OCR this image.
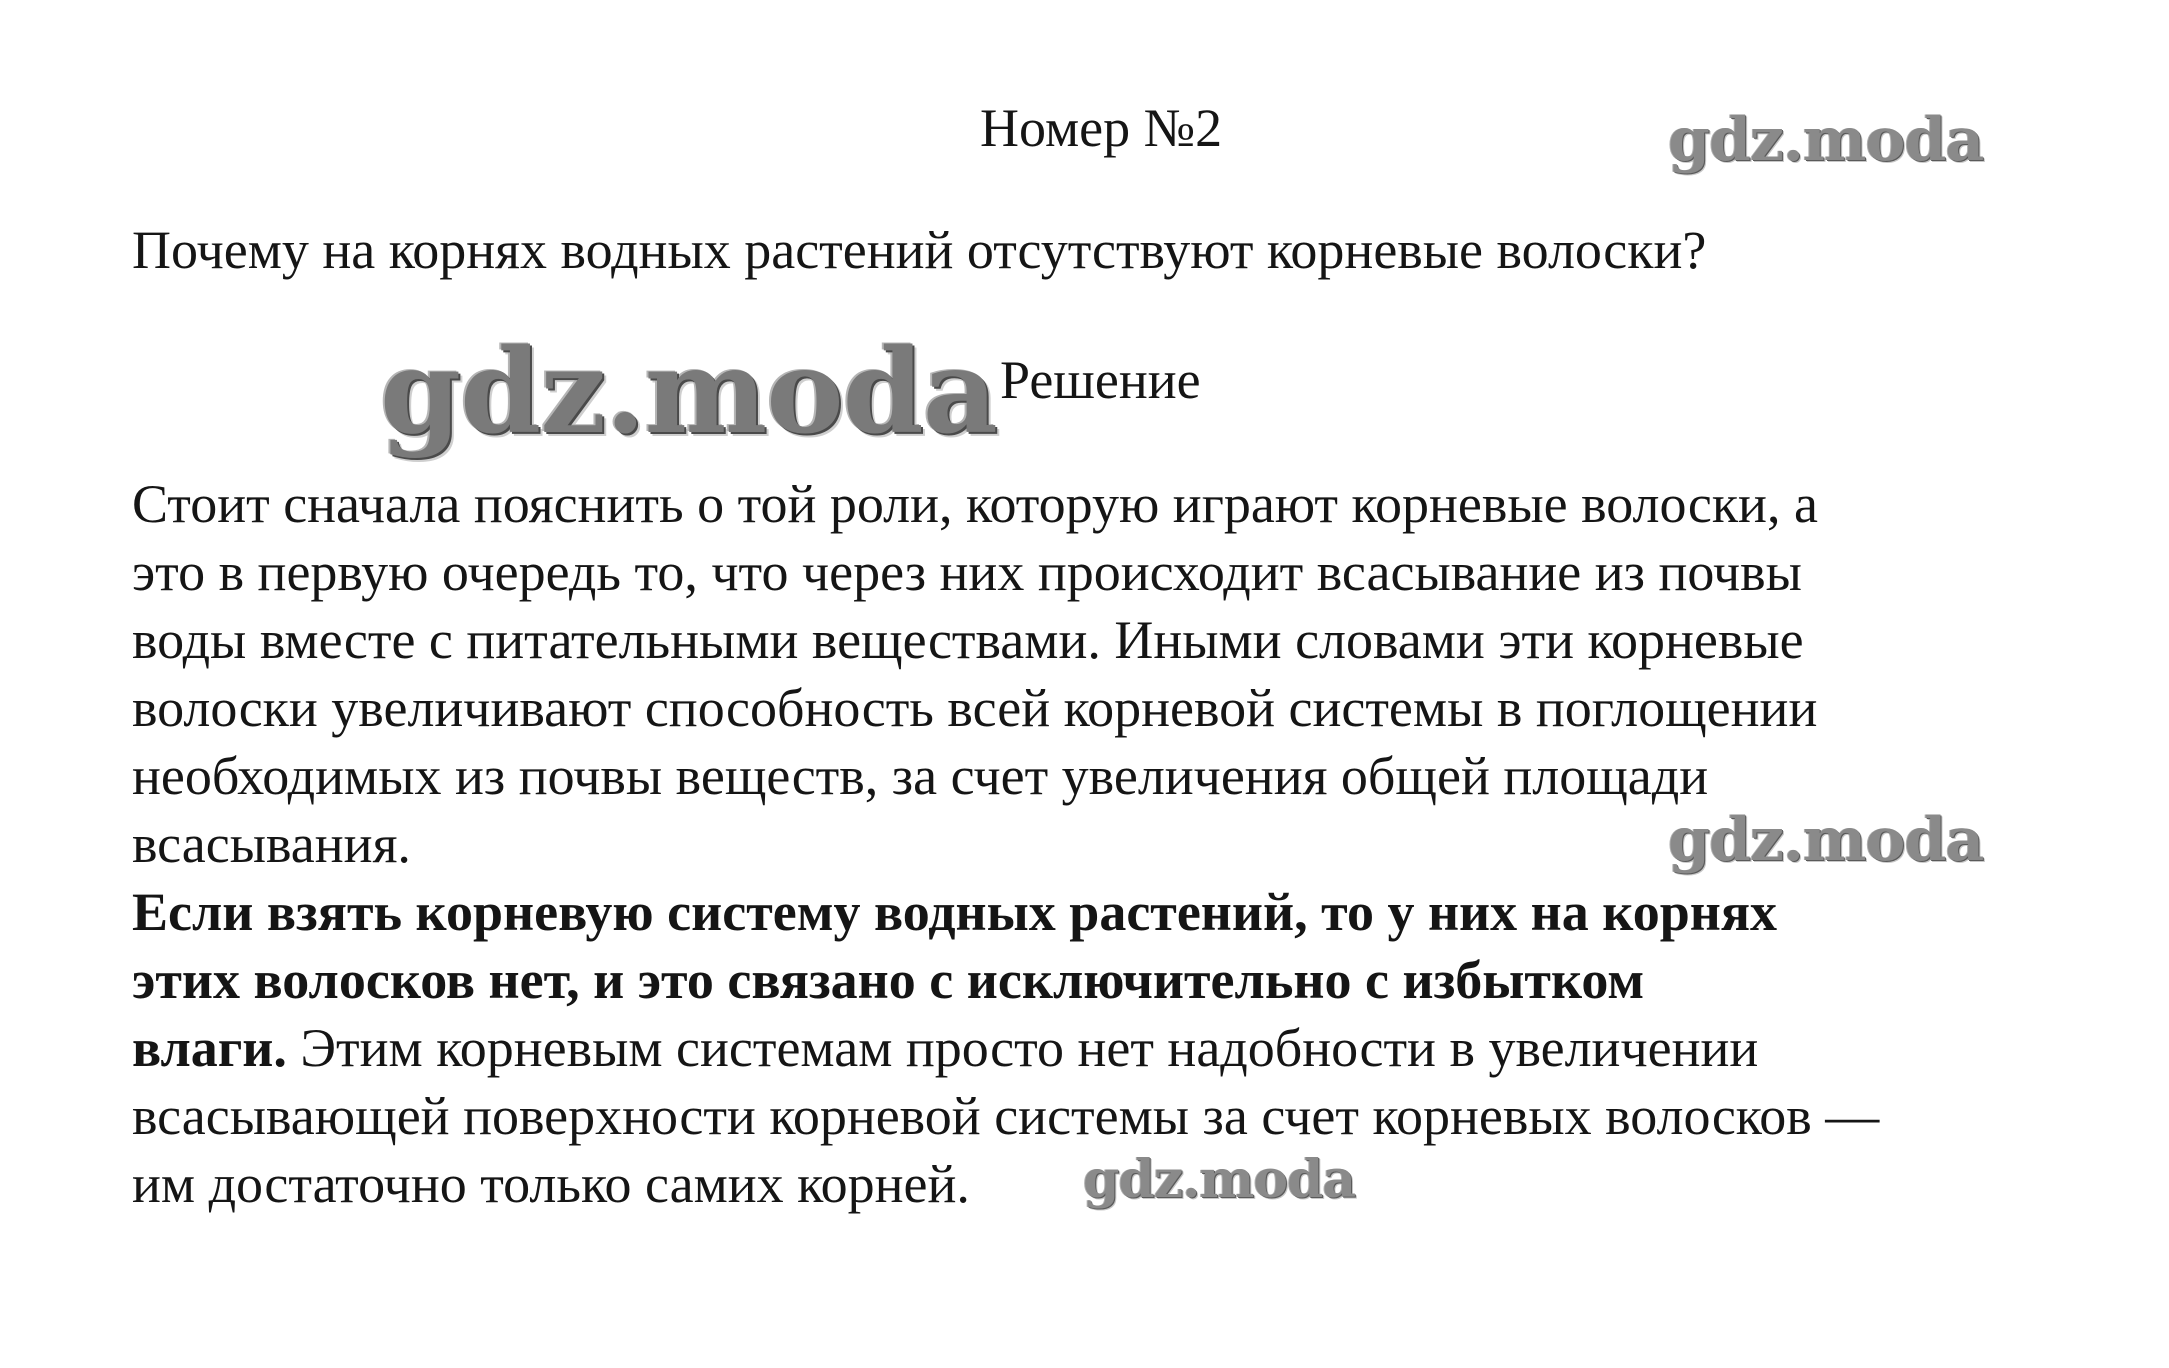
Номер №2	gdz.moda
Почему на корнях водных растений отсутствуют корневые волоски?
gdz.moda Решение
Стоит сначала пояснить о той роли, которую играют корневые волоски, а
это в первую очередь то, что через них происходит всасывание из почвы
воды вместе с питательными веществами. Иными словами эти корневые
волоски увеличивают способность всей корневой системы в поглощении
необходимых из почвы веществ, за счет увеличения общей площади
всасывания.
Если взять корневую систему водных растений, то у них на корнях
этих волосков нет, и это связано с исключительно с избытком
влаги. Этим корневым системам просто нет надобности в увеличении
всасывающей поверхности корневой системы за счет корневых волосков —
им достаточно только самих корней.
gdz.moda
gdz.moda
